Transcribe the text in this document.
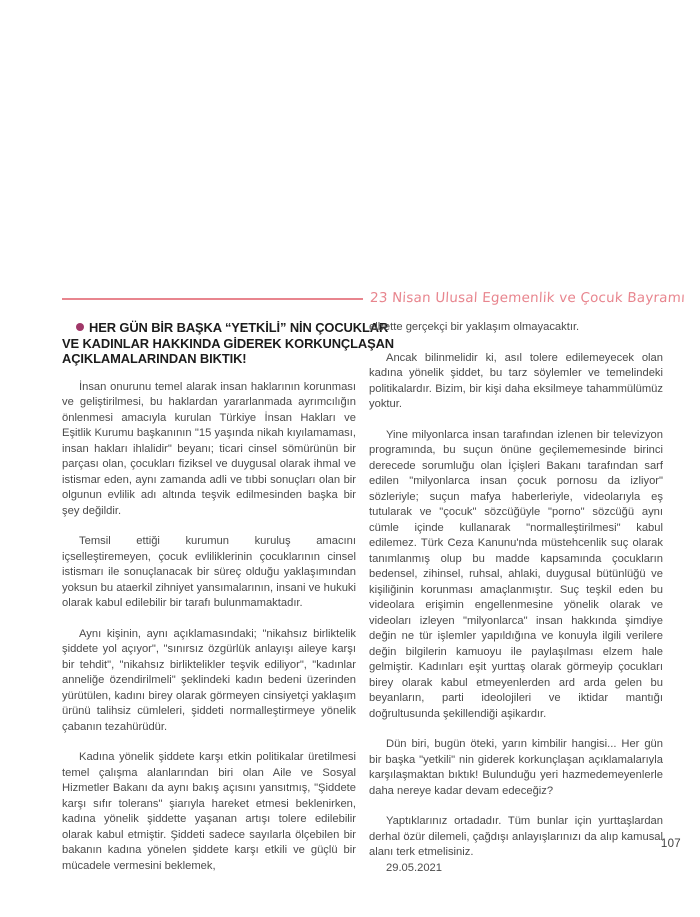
23 Nisan Ulusal Egemenlik ve Çocuk Bayramı
HER GÜN BİR BAŞKA “YETKİLİ” NİN ÇOCUKLAR
VE KADINLAR HAKKINDA GİDEREK KORKUNÇLAŞAN
AÇIKLAMALARINDAN BIKTIK!

İnsan onurunu temel alarak insan haklarının korunması ve geliştirilmesi, bu haklardan yararlanmada ayrımcılığın önlenmesi amacıyla kurulan Türkiye İnsan Hakları ve Eşitlik Kurumu başkanının "15 yaşında nikah kıyılamaması, insan hakları ihlalidir" beyanı; ticari cinsel sömürünün bir parçası olan, çocukları fiziksel ve duygusal olarak ihmal ve istismar eden, aynı zamanda adli ve tıbbi sonuçları olan bir olgunun evlilik adı altında teşvik edilmesinden başka bir şey değildir.

Temsil ettiği kurumun kuruluş amacını içselleştiremeyen, çocuk evliliklerinin çocuklarının cinsel istismarı ile sonuçlanacak bir süreç olduğu yaklaşımından yoksun bu ataerkil zihniyet yansımalarının, insani ve hukuki olarak kabul edilebilir bir tarafı bulunmamaktadır.

Aynı kişinin, aynı açıklamasındaki; "nikahsız birliktelik şiddete yol açıyor", "sınırsız özgürlük anlayışı aileye karşı bir tehdit", "nikahsız birliktelikler teşvik ediliyor", "kadınlar anneliğe özendirilmeli" şeklindeki kadın bedeni üzerinden yürütülen, kadını birey olarak görmeyen cinsiyetçi yaklaşım ürünü talihsiz cümleleri, şiddeti normalleştirmeye yönelik çabanın tezahürüdür.

Kadına yönelik şiddete karşı etkin politikalar üretilmesi temel çalışma alanlarından biri olan Aile ve Sosyal Hizmetler Bakanı da aynı bakış açısını yansıtmış, "Şiddete karşı sıfır tolerans" şiarıyla hareket etmesi beklenirken, kadına yönelik şiddette yaşanan artışı tolere edilebilir olarak kabul etmiştir. Şiddeti sadece sayılarla ölçebilen bir bakanın kadına yönelen şiddete karşı etkili ve güçlü bir mücadele vermesini beklemek,

elbette gerçekçi bir yaklaşım olmayacaktır.

Ancak bilinmelidir ki, asıl tolere edilemeyecek olan kadına yönelik şiddet, bu tarz söylemler ve temelindeki politikalardır. Bizim, bir kişi daha eksilmeye tahammülümüz yoktur.

Yine milyonlarca insan tarafından izlenen bir televizyon programında, bu suçun önüne geçilememesinde birinci derecede sorumluğu olan İçişleri Bakanı tarafından sarf edilen "milyonlarca insan çocuk pornosu da izliyor" sözleriyle; suçun mafya haberleriyle, videolarıyla eş tutularak ve "çocuk" sözcüğüyle "porno" sözcüğü aynı cümle içinde kullanarak "normalleştirilmesi" kabul edilemez. Türk Ceza Kanunu'nda müstehcenlik suç olarak tanımlanmış olup bu madde kapsamında çocukların bedensel, zihinsel, ruhsal, ahlaki, duygusal bütünlüğü ve kişiliğinin korunması amaçlanmıştır. Suç teşkil eden bu videolara erişimin engellenmesine yönelik olarak ve videoları izleyen "milyonlarca" insan hakkında şimdiye değin ne tür işlemler yapıldığına ve konuyla ilgili verilere değin bilgilerin kamuoyu ile paylaşılması elzem hale gelmiştir. Kadınları eşit yurttaş olarak görmeyip çocukları birey olarak kabul etmeyenlerden ard arda gelen bu beyanların, parti ideolojileri ve iktidar mantığı doğrultusunda şekillendiği aşikardır.

Dün biri, bugün öteki, yarın kimbilir hangisi... Her gün bir başka "yetkili" nin giderek korkunçlaşan açıklamalarıyla karşılaşmaktan bıktık! Bulunduğu yeri hazmedemeyenlerle daha nereye kadar devam edeceğiz?

Yaptıklarınız ortadadır. Tüm bunlar için yurttaşlardan derhal özür dilemeli, çağdışı anlayışlarınızı da alıp kamusal alanı terk etmelisiniz.

29.05.2021

107
